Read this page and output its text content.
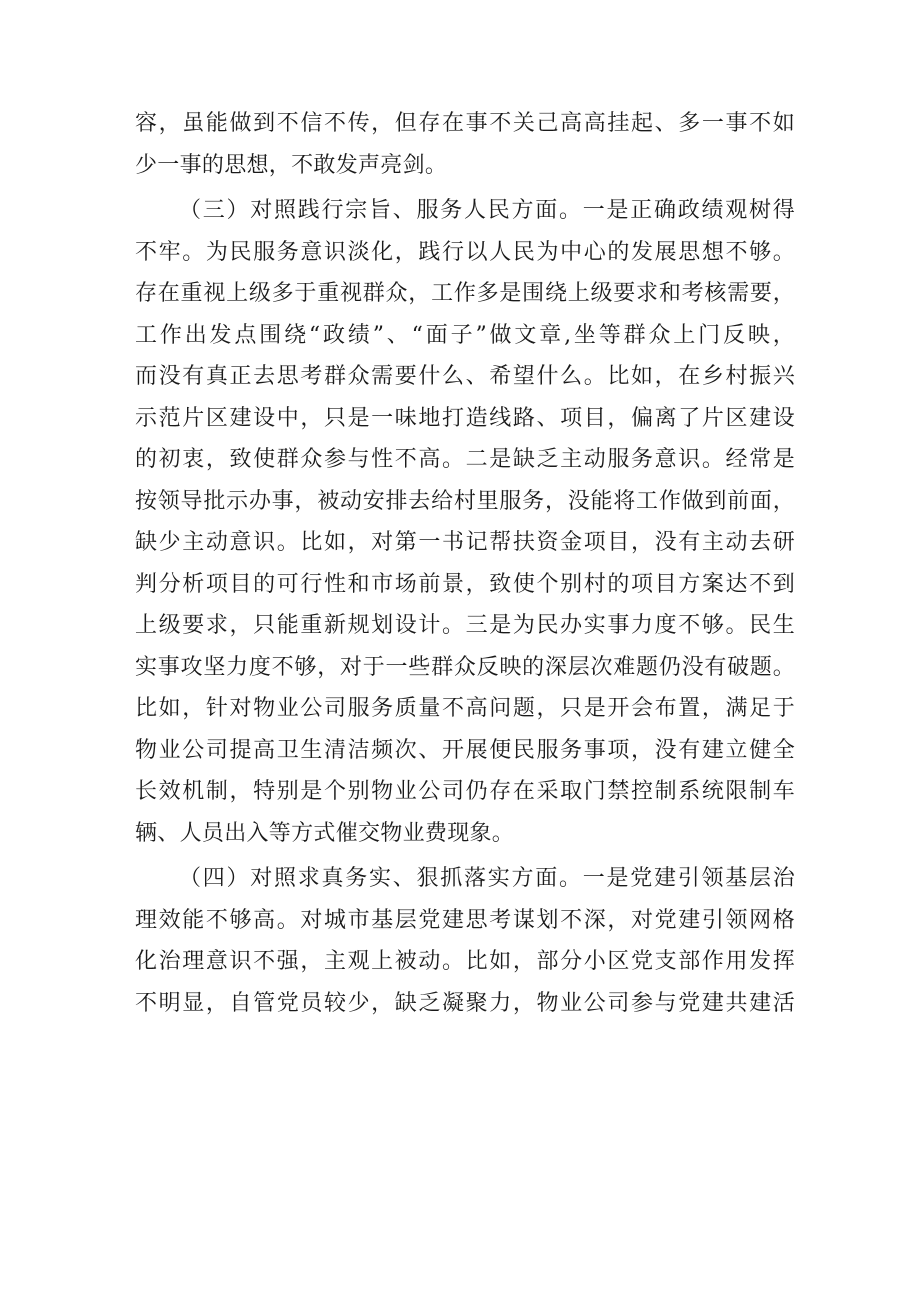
容，虽能做到不信不传，但存在事不关己高高挂起、多一事不如
少一事的思想，不敢发声亮剑。
（三）对照践行宗旨、服务人民方面。一是正确政绩观树得
不牢。为民服务意识淡化，践行以人民为中心的发展思想不够。
存在重视上级多于重视群众，工作多是围绕上级要求和考核需要，
工作出发点围绕“政绩”、“面子”做文章,坐等群众上门反映，
而没有真正去思考群众需要什么、希望什么。比如，在乡村振兴
示范片区建设中，只是一味地打造线路、项目，偏离了片区建设
的初衷，致使群众参与性不高。二是缺乏主动服务意识。经常是
按领导批示办事，被动安排去给村里服务，没能将工作做到前面，
缺少主动意识。比如，对第一书记帮扶资金项目，没有主动去研
判分析项目的可行性和市场前景，致使个别村的项目方案达不到
上级要求，只能重新规划设计。三是为民办实事力度不够。民生
实事攻坚力度不够，对于一些群众反映的深层次难题仍没有破题。
比如，针对物业公司服务质量不高问题，只是开会布置，满足于
物业公司提高卫生清洁频次、开展便民服务事项，没有建立健全
长效机制，特别是个别物业公司仍存在采取门禁控制系统限制车
辆、人员出入等方式催交物业费现象。
（四）对照求真务实、狠抓落实方面。一是党建引领基层治
理效能不够高。对城市基层党建思考谋划不深，对党建引领网格
化治理意识不强，主观上被动。比如，部分小区党支部作用发挥
不明显，自管党员较少，缺乏凝聚力，物业公司参与党建共建活
